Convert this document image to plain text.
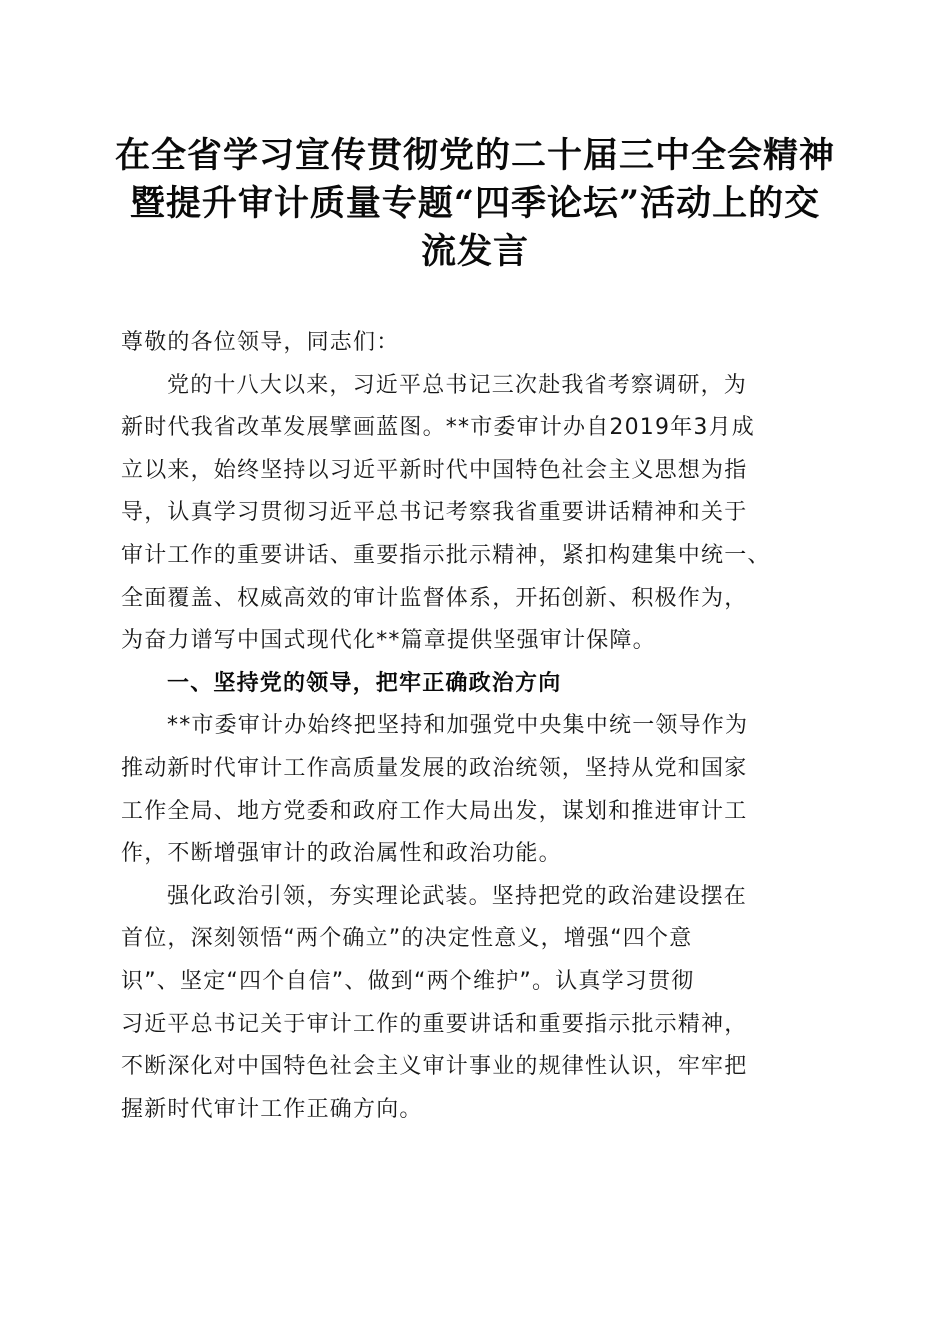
在全省学习宣传贯彻党的二十届三中全会精神
暨提升审计质量专题“四季论坛”活动上的交
流发言
尊敬的各位领导，同志们：
党的十八大以来，习近平总书记三次赴我省考察调研，为
新时代我省改革发展擘画蓝图。**市委审计办自2019年3月成
立以来，始终坚持以习近平新时代中国特色社会主义思想为指
导，认真学习贯彻习近平总书记考察我省重要讲话精神和关于
审计工作的重要讲话、重要指示批示精神，紧扣构建集中统一、
全面覆盖、权威高效的审计监督体系，开拓创新、积极作为，
为奋力谱写中国式现代化**篇章提供坚强审计保障。
一、坚持党的领导，把牢正确政治方向
**市委审计办始终把坚持和加强党中央集中统一领导作为
推动新时代审计工作高质量发展的政治统领，坚持从党和国家
工作全局、地方党委和政府工作大局出发，谋划和推进审计工
作，不断增强审计的政治属性和政治功能。
强化政治引领，夯实理论武装。坚持把党的政治建设摆在
首位，深刻领悟“两个确立”的决定性意义，增强“四个意
识”、坚定“四个自信”、做到“两个维护”。认真学习贯彻
习近平总书记关于审计工作的重要讲话和重要指示批示精神，
不断深化对中国特色社会主义审计事业的规律性认识，牢牢把
握新时代审计工作正确方向。
